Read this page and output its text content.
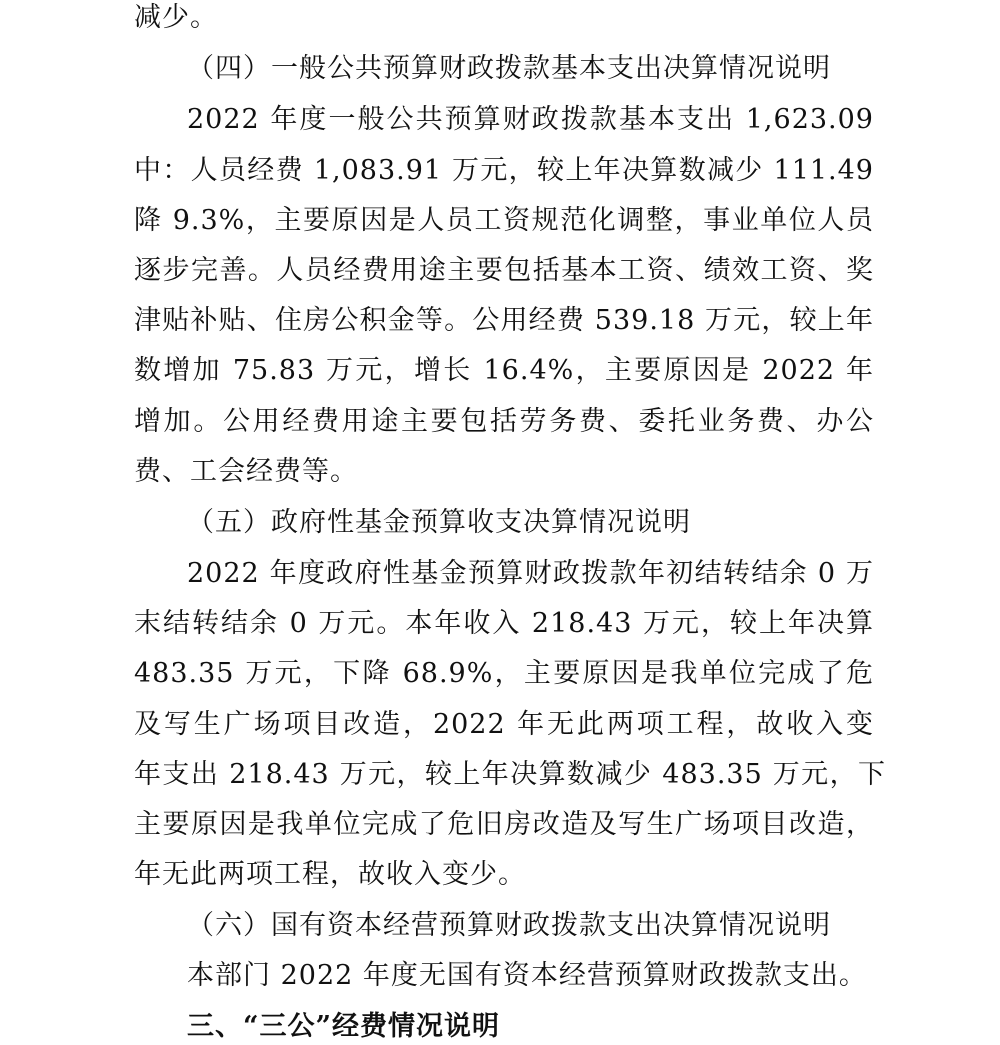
减少。
（四）一般公共预算财政拨款基本支出决算情况说明
2022 年度一般公共预算财政拨款基本支出 1,623.09
中：人员经费 1,083.91 万元，较上年决算数减少 111.49
降 9.3%，主要原因是人员工资规范化调整，事业单位人员
逐步完善。人员经费用途主要包括基本工资、绩效工资、奖
津贴补贴、住房公积金等。公用经费 539.18 万元，较上年
数增加 75.83 万元，增长 16.4%，主要原因是 2022 年
增加。公用经费用途主要包括劳务费、委托业务费、办公
费、工会经费等。
（五）政府性基金预算收支决算情况说明
2022 年度政府性基金预算财政拨款年初结转结余 0 万
末结转结余 0 万元。本年收入 218.43 万元，较上年决算
483.35 万元，下降 68.9%，主要原因是我单位完成了危
及写生广场项目改造，2022 年无此两项工程，故收入变
年支出 218.43 万元，较上年决算数减少 483.35 万元，下
主要原因是我单位完成了危旧房改造及写生广场项目改造，
年无此两项工程，故收入变少。
（六）国有资本经营预算财政拨款支出决算情况说明
本部门 2022 年度无国有资本经营预算财政拨款支出。
三、“三公”经费情况说明
